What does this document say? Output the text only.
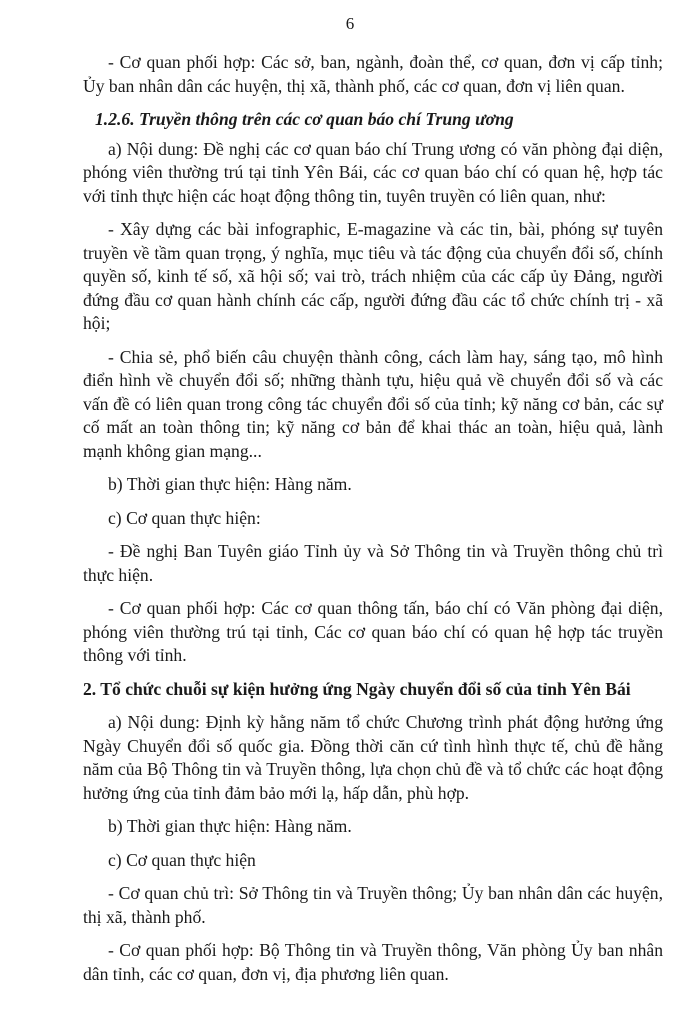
6

- Cơ quan phối hợp: Các sở, ban, ngành, đoàn thể, cơ quan, đơn vị cấp tỉnh; Ủy ban nhân dân các huyện, thị xã, thành phố, các cơ quan, đơn vị liên quan.

1.2.6. Truyền thông trên các cơ quan báo chí Trung ương

a) Nội dung: Đề nghị các cơ quan báo chí Trung ương có văn phòng đại diện, phóng viên thường trú tại tỉnh Yên Bái, các cơ quan báo chí có quan hệ, hợp tác với tỉnh thực hiện các hoạt động thông tin, tuyên truyền có liên quan, như:

- Xây dựng các bài infographic, E-magazine và các tin, bài, phóng sự tuyên truyền về tầm quan trọng, ý nghĩa, mục tiêu và tác động của chuyển đổi số, chính quyền số, kinh tế số, xã hội số; vai trò, trách nhiệm của các cấp ủy Đảng, người đứng đầu cơ quan hành chính các cấp, người đứng đầu các tổ chức chính trị - xã hội;

- Chia sẻ, phổ biến câu chuyện thành công, cách làm hay, sáng tạo, mô hình điển hình về chuyển đổi số; những thành tựu, hiệu quả về chuyển đổi số và các vấn đề có liên quan trong công tác chuyển đổi số của tỉnh; kỹ năng cơ bản, các sự cố mất an toàn thông tin; kỹ năng cơ bản để khai thác an toàn, hiệu quả, lành mạnh không gian mạng...

b) Thời gian thực hiện: Hàng năm.

c) Cơ quan thực hiện:

- Đề nghị Ban Tuyên giáo Tỉnh ủy và Sở Thông tin và Truyền thông chủ trì thực hiện.

- Cơ quan phối hợp: Các cơ quan thông tấn, báo chí có Văn phòng đại diện, phóng viên thường trú tại tỉnh, Các cơ quan báo chí có quan hệ hợp tác truyền thông với tỉnh.

2. Tổ chức chuỗi sự kiện hưởng ứng Ngày chuyển đổi số của tỉnh Yên Bái

a) Nội dung: Định kỳ hằng năm tổ chức Chương trình phát động hưởng ứng Ngày Chuyển đổi số quốc gia. Đồng thời căn cứ tình hình thực tế, chủ đề hằng năm của Bộ Thông tin và Truyền thông, lựa chọn chủ đề và tổ chức các hoạt động hưởng ứng của tỉnh đảm bảo mới lạ, hấp dẫn, phù hợp.

b) Thời gian thực hiện: Hàng năm.

c) Cơ quan thực hiện

- Cơ quan chủ trì: Sở Thông tin và Truyền thông; Ủy ban nhân dân các huyện, thị xã, thành phố.

- Cơ quan phối hợp: Bộ Thông tin và Truyền thông, Văn phòng Ủy ban nhân dân tỉnh, các cơ quan, đơn vị, địa phương liên quan.
